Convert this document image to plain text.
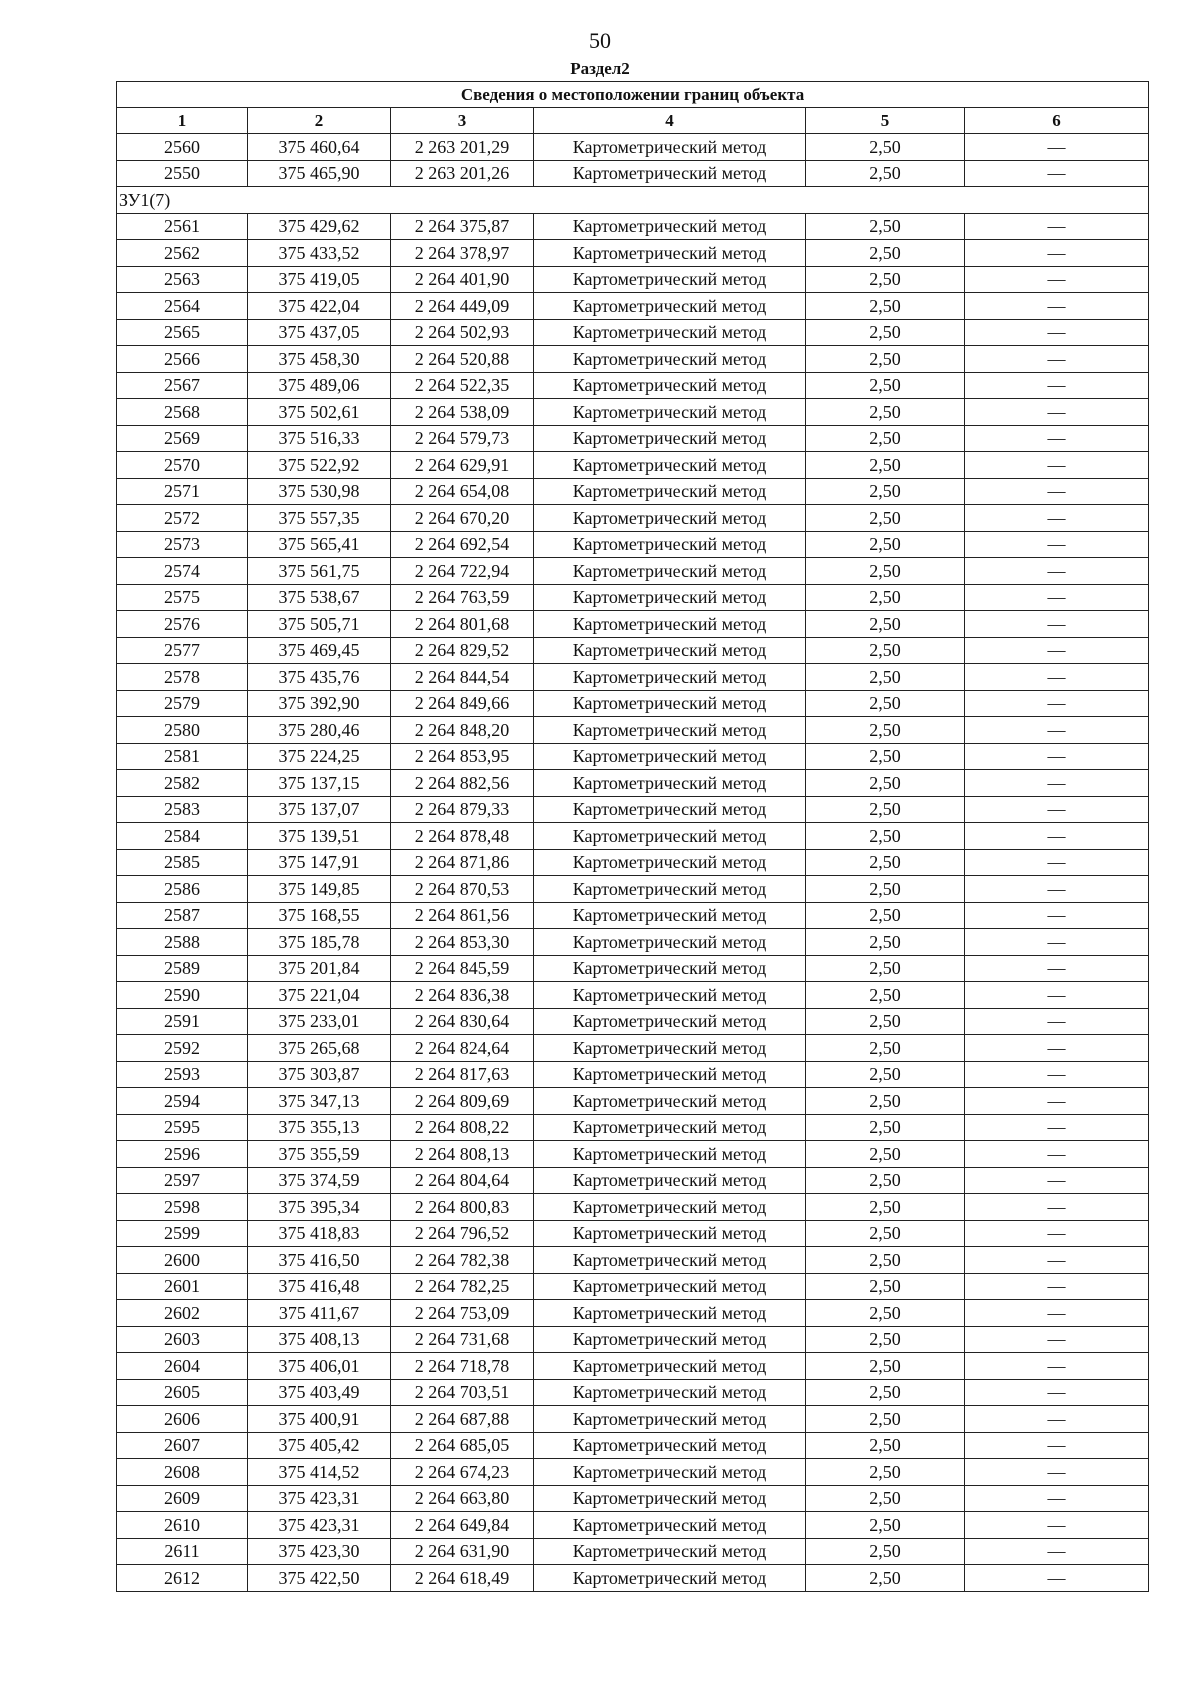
50
Раздел2
Сведения о местоположении границ объекта					
1	2	3	4	5	6
2560	375 460,64	2 263 201,29	Картометрический метод	2,50	—
2550	375 465,90	2 263 201,26	Картометрический метод	2,50	—
ЗУ1(7)					
2561	375 429,62	2 264 375,87	Картометрический метод	2,50	—
2562	375 433,52	2 264 378,97	Картометрический метод	2,50	—
2563	375 419,05	2 264 401,90	Картометрический метод	2,50	—
2564	375 422,04	2 264 449,09	Картометрический метод	2,50	—
2565	375 437,05	2 264 502,93	Картометрический метод	2,50	—
2566	375 458,30	2 264 520,88	Картометрический метод	2,50	—
2567	375 489,06	2 264 522,35	Картометрический метод	2,50	—
2568	375 502,61	2 264 538,09	Картометрический метод	2,50	—
2569	375 516,33	2 264 579,73	Картометрический метод	2,50	—
2570	375 522,92	2 264 629,91	Картометрический метод	2,50	—
2571	375 530,98	2 264 654,08	Картометрический метод	2,50	—
2572	375 557,35	2 264 670,20	Картометрический метод	2,50	—
2573	375 565,41	2 264 692,54	Картометрический метод	2,50	—
2574	375 561,75	2 264 722,94	Картометрический метод	2,50	—
2575	375 538,67	2 264 763,59	Картометрический метод	2,50	—
2576	375 505,71	2 264 801,68	Картометрический метод	2,50	—
2577	375 469,45	2 264 829,52	Картометрический метод	2,50	—
2578	375 435,76	2 264 844,54	Картометрический метод	2,50	—
2579	375 392,90	2 264 849,66	Картометрический метод	2,50	—
2580	375 280,46	2 264 848,20	Картометрический метод	2,50	—
2581	375 224,25	2 264 853,95	Картометрический метод	2,50	—
2582	375 137,15	2 264 882,56	Картометрический метод	2,50	—
2583	375 137,07	2 264 879,33	Картометрический метод	2,50	—
2584	375 139,51	2 264 878,48	Картометрический метод	2,50	—
2585	375 147,91	2 264 871,86	Картометрический метод	2,50	—
2586	375 149,85	2 264 870,53	Картометрический метод	2,50	—
2587	375 168,55	2 264 861,56	Картометрический метод	2,50	—
2588	375 185,78	2 264 853,30	Картометрический метод	2,50	—
2589	375 201,84	2 264 845,59	Картометрический метод	2,50	—
2590	375 221,04	2 264 836,38	Картометрический метод	2,50	—
2591	375 233,01	2 264 830,64	Картометрический метод	2,50	—
2592	375 265,68	2 264 824,64	Картометрический метод	2,50	—
2593	375 303,87	2 264 817,63	Картометрический метод	2,50	—
2594	375 347,13	2 264 809,69	Картометрический метод	2,50	—
2595	375 355,13	2 264 808,22	Картометрический метод	2,50	—
2596	375 355,59	2 264 808,13	Картометрический метод	2,50	—
2597	375 374,59	2 264 804,64	Картометрический метод	2,50	—
2598	375 395,34	2 264 800,83	Картометрический метод	2,50	—
2599	375 418,83	2 264 796,52	Картометрический метод	2,50	—
2600	375 416,50	2 264 782,38	Картометрический метод	2,50	—
2601	375 416,48	2 264 782,25	Картометрический метод	2,50	—
2602	375 411,67	2 264 753,09	Картометрический метод	2,50	—
2603	375 408,13	2 264 731,68	Картометрический метод	2,50	—
2604	375 406,01	2 264 718,78	Картометрический метод	2,50	—
2605	375 403,49	2 264 703,51	Картометрический метод	2,50	—
2606	375 400,91	2 264 687,88	Картометрический метод	2,50	—
2607	375 405,42	2 264 685,05	Картометрический метод	2,50	—
2608	375 414,52	2 264 674,23	Картометрический метод	2,50	—
2609	375 423,31	2 264 663,80	Картометрический метод	2,50	—
2610	375 423,31	2 264 649,84	Картометрический метод	2,50	—
2611	375 423,30	2 264 631,90	Картометрический метод	2,50	—
2612	375 422,50	2 264 618,49	Картометрический метод	2,50	—
